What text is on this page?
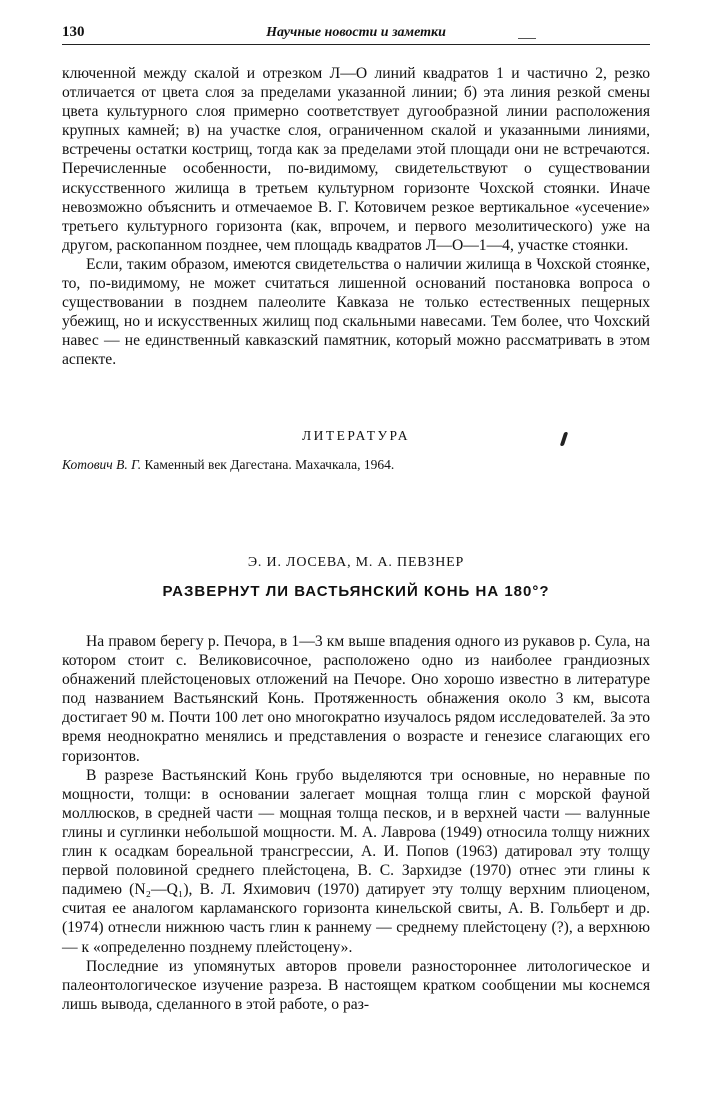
130	Научные новости и заметки

ключенной между скалой и отрезком Л—О линий квадратов 1 и частично 2, резко отличается от цвета слоя за пределами указанной линии; б) эта линия резкой смены цвета культурного слоя примерно соответствует дугообразной линии расположения крупных камней; в) на участке слоя, ограниченном скалой и указанными линиями, встречены остатки кострищ, тогда как за пределами этой площади они не встречаются. Перечисленные особенности, по-видимому, свидетельствуют о существовании искусственного жилища в третьем культурном горизонте Чохской стоянки. Иначе невозможно объяснить и отмечаемое В. Г. Котовичем резкое вертикальное «усечение» третьего культурного горизонта (как, впрочем, и первого мезолитического) уже на другом, раскопанном позднее, чем площадь квадратов Л—О—1—4, участке стоянки.

Если, таким образом, имеются свидетельства о наличии жилища в Чохской стоянке, то, по-видимому, не может считаться лишенной оснований постановка вопроса о существовании в позднем палеолите Кавказа не только естественных пещерных убежищ, но и искусственных жилищ под скальными навесами. Тем более, что Чохский навес — не единственный кавказский памятник, который можно рассматривать в этом аспекте.

ЛИТЕРАТУРА
Котович В. Г. Каменный век Дагестана. Махачкала, 1964.
Э. И. ЛОСЕВА, М. А. ПЕВЗНЕР
РАЗВЕРНУТ ЛИ ВАСТЬЯНСКИЙ КОНЬ НА 180°?

На правом берегу р. Печора, в 1—3 км выше впадения одного из рукавов р. Сула, на котором стоит с. Великовисочное, расположено одно из наиболее грандиозных обнажений плейстоценовых отложений на Печоре. Оно хорошо известно в литературе под названием Вастьянский Конь. Протяженность обнажения около 3 км, высота достигает 90 м. Почти 100 лет оно многократно изучалось рядом исследователей. За это время неоднократно менялись и представления о возрасте и генезисе слагающих его горизонтов.

В разрезе Вастьянский Конь грубо выделяются три основные, но неравные по мощности, толщи: в основании залегает мощная толща глин с морской фауной моллюсков, в средней части — мощная толща песков, и в верхней части — валунные глины и суглинки небольшой мощности. М. А. Лаврова (1949) относила толщу нижних глин к осадкам бореальной трансгрессии, А. И. Попов (1963) датировал эту толщу первой половиной среднего плейстоцена, В. С. Зархидзе (1970) отнес эти глины к падимею (N₂—Q₁), В. Л. Яхимович (1970) датирует эту толщу верхним плиоценом, считая ее аналогом карламанского горизонта кинельской свиты, А. В. Гольберт и др. (1974) отнесли нижнюю часть глин к раннему — среднему плейстоцену (?), а верхнюю — к «определенно позднему плейстоцену».

Последние из упомянутых авторов провели разностороннее литологическое и палеонтологическое изучение разреза. В настоящем кратком сообщении мы коснемся лишь вывода, сделанного в этой работе, о раз-
